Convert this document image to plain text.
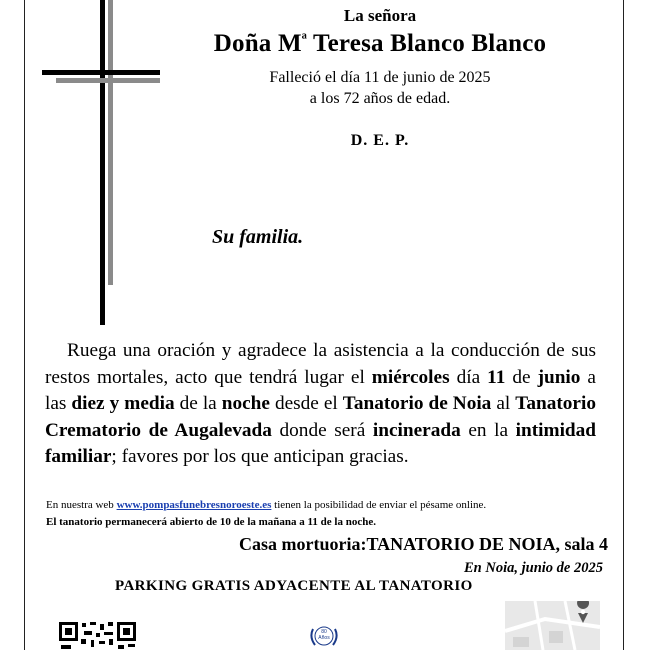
La señora
Doña $M^ª$ Teresa Blanco Blanco
Falleció el día 11 de junio de 2025
a los 72 años de edad.
D. E. P.
Su familia.
Ruega una oración y agradece la asistencia a la conducción de sus restos mortales, acto que tendrá lugar el miércoles día 11 de junio a las diez y media de la noche desde el Tanatorio de Noia al Tanatorio Crematorio de Augalevada donde será incinerada en la intimidad familiar; favores por los que anticipan gracias.
En nuestra web www.pompasfunebresnoroeste.es tienen la posibilidad de enviar el pésame online.
El tanatorio permanecerá abierto de 10 de la mañana a 11 de la noche.
Casa mortuoria:TANATORIO DE NOIA, sala 4
En Noia, junio de 2025
PARKING GRATIS ADYACENTE AL TANATORIO
80 Años
